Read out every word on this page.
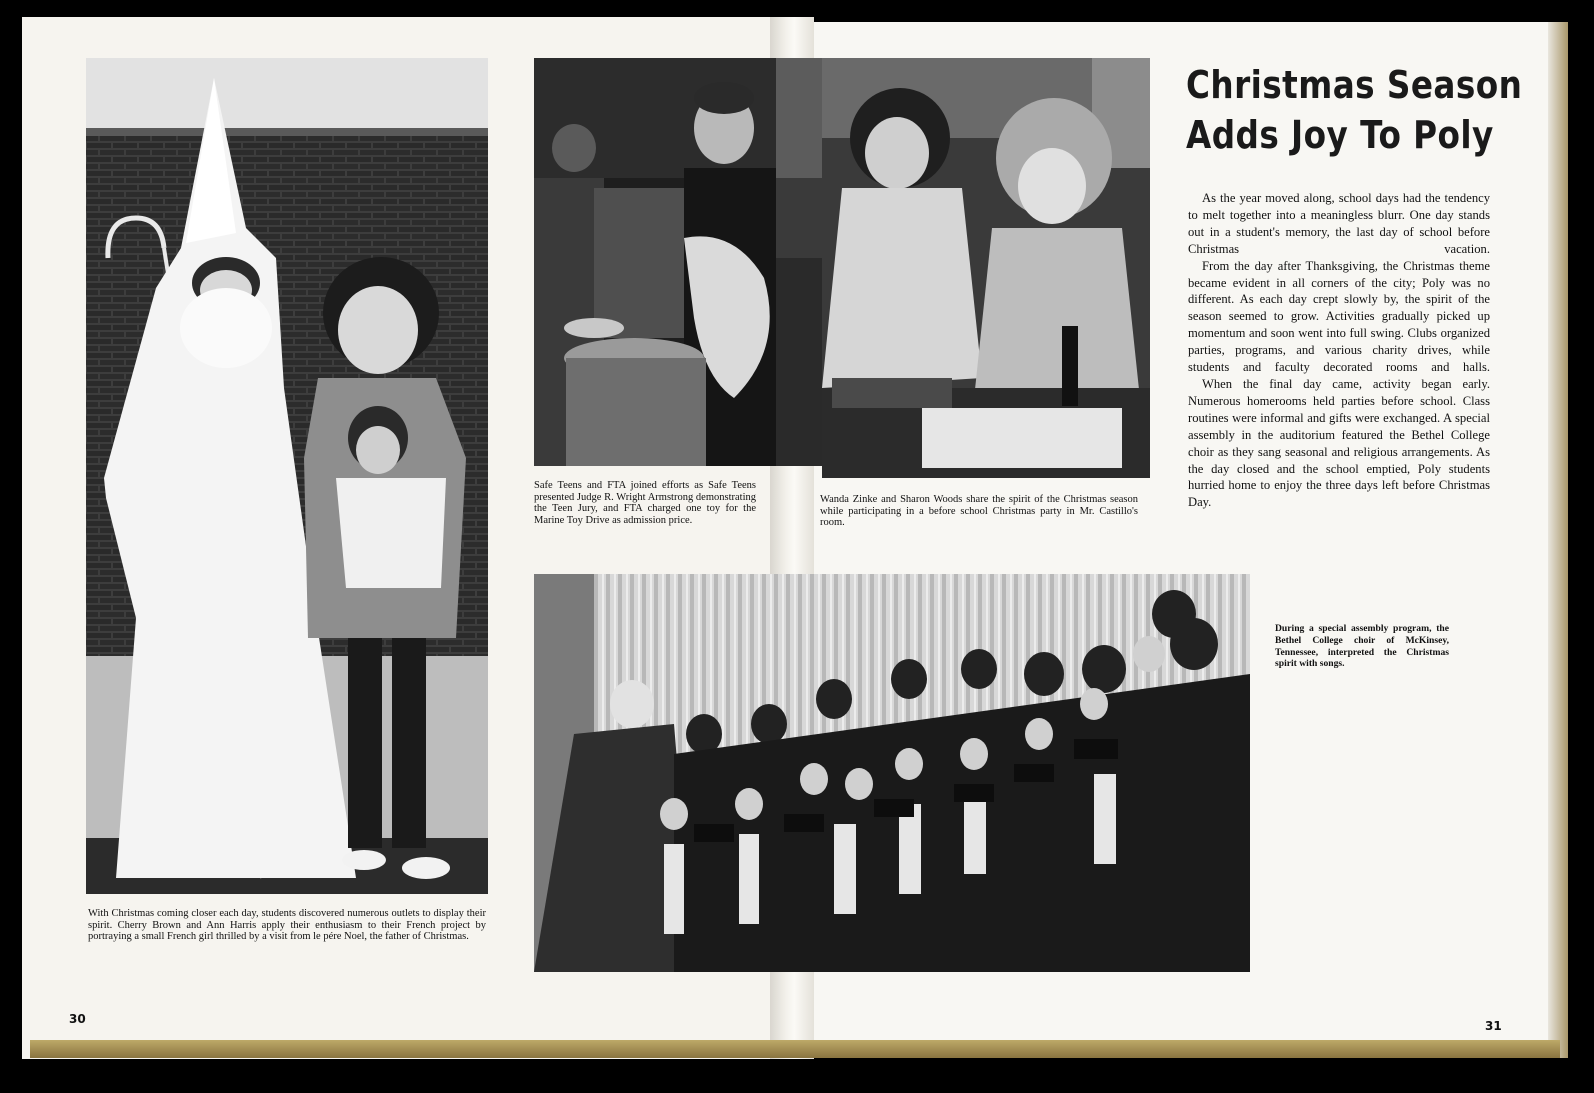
With Christmas coming closer each day, students discovered numerous outlets to display their spirit. Cherry Brown and Ann Harris apply their enthusiasm to their French project by portraying a small French girl thrilled by a visit from le pére Noel, the father of Christmas.

Safe Teens and FTA joined efforts as Safe Teens presented Judge R. Wright Armstrong demonstrating the Teen Jury, and FTA charged one toy for the Marine Toy Drive as admission price.

Wanda Zinke and Sharon Woods share the spirit of the Christmas season while participating in a before school Christmas party in Mr. Castillo's room.

During a special assembly program, the Bethel College choir of McKinsey, Tennessee, interpreted the Christmas spirit with songs.

Christmas Season
Adds Joy To Poly

As the year moved along, school days had the tendency to melt together into a meaningless blurr. One day stands out in a student's memory, the last day of school before Christmas vacation.

From the day after Thanksgiving, the Christmas theme became evident in all corners of the city; Poly was no different. As each day crept slowly by, the spirit of the season seemed to grow. Activities gradually picked up momentum and soon went into full swing. Clubs organized parties, programs, and various charity drives, while students and faculty decorated rooms and halls.

When the final day came, activity began early. Numerous homerooms held parties before school. Class routines were informal and gifts were exchanged. A special assembly in the auditorium featured the Bethel College choir as they sang seasonal and religious arrangements. As the day closed and the school emptied, Poly students hurried home to enjoy the three days left before Christmas Day.

30	31
